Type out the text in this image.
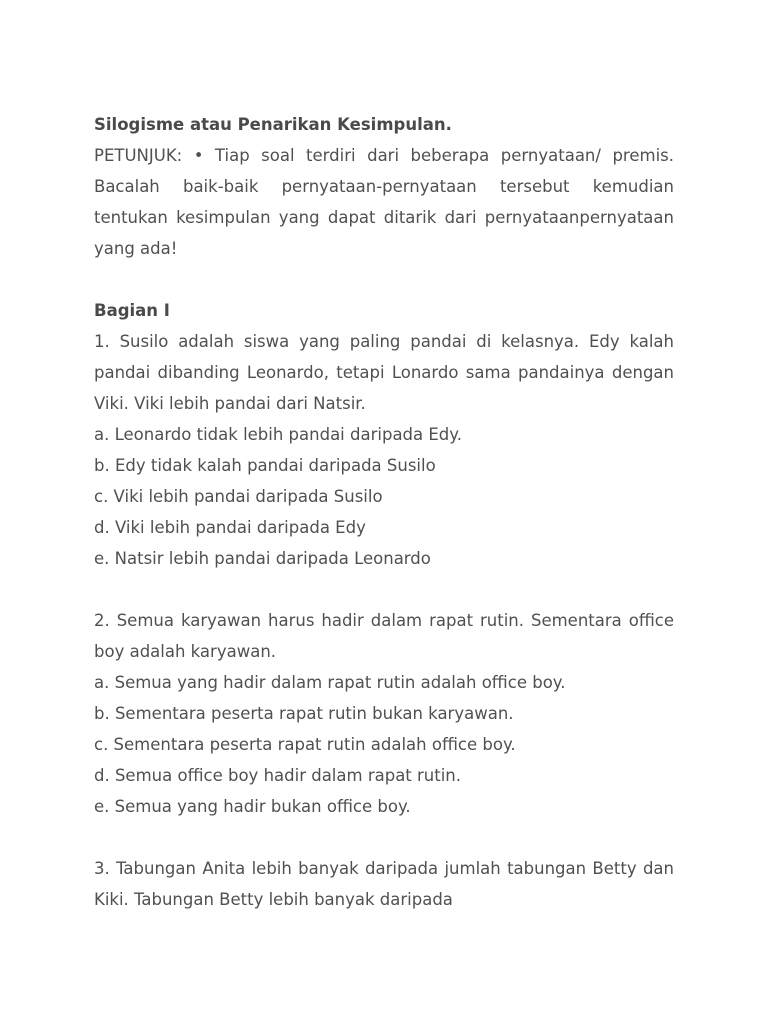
Silogisme atau Penarikan Kesimpulan.
PETUNJUK: • Tiap soal terdiri dari beberapa pernyataan/ premis. Bacalah baik-baik pernyataan-pernyataan tersebut kemudian tentukan kesimpulan yang dapat ditarik dari pernyataanpernyataan yang ada!
Bagian I
1. Susilo adalah siswa yang paling pandai di kelasnya. Edy kalah pandai dibanding Leonardo, tetapi Lonardo sama pandainya dengan Viki. Viki lebih pandai dari Natsir.
a. Leonardo tidak lebih pandai daripada Edy.
b. Edy tidak kalah pandai daripada Susilo
c. Viki lebih pandai daripada Susilo
d. Viki lebih pandai daripada Edy
e. Natsir lebih pandai daripada Leonardo
2. Semua karyawan harus hadir dalam rapat rutin. Sementara office boy adalah karyawan.
a. Semua yang hadir dalam rapat rutin adalah office boy.
b. Sementara peserta rapat rutin bukan karyawan.
c. Sementara peserta rapat rutin adalah office boy.
d. Semua office boy hadir dalam rapat rutin.
e. Semua yang hadir bukan office boy.
3. Tabungan Anita lebih banyak daripada jumlah tabungan Betty dan Kiki. Tabungan Betty lebih banyak daripada
